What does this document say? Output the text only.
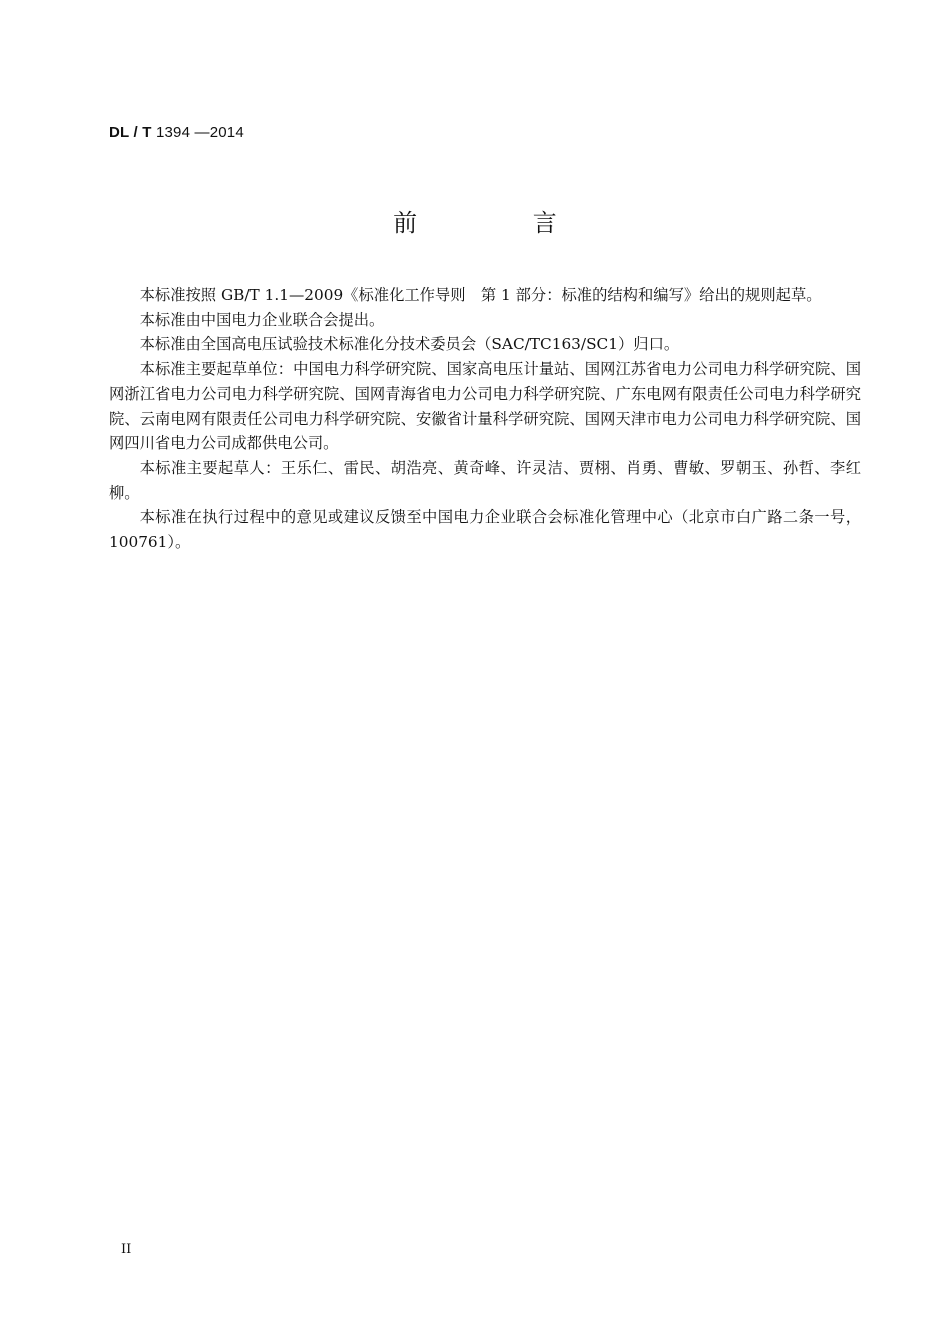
DL / T 1394 —2014
前 言

本标准按照 GB/T 1.1—2009《标准化工作导则　第 1 部分：标准的结构和编写》给出的规则起草。

本标准由中国电力企业联合会提出。

本标准由全国高电压试验技术标准化分技术委员会（SAC/TC163/SC1）归口。

本标准主要起草单位：中国电力科学研究院、国家高电压计量站、国网江苏省电力公司电力科学研究院、国网浙江省电力公司电力科学研究院、国网青海省电力公司电力科学研究院、广东电网有限责任公司电力科学研究院、云南电网有限责任公司电力科学研究院、安徽省计量科学研究院、国网天津市电力公司电力科学研究院、国网四川省电力公司成都供电公司。

本标准主要起草人：王乐仁、雷民、胡浩亮、黄奇峰、许灵洁、贾栩、肖勇、曹敏、罗朝玉、孙哲、李红柳。

本标准在执行过程中的意见或建议反馈至中国电力企业联合会标准化管理中心（北京市白广路二条一号，100761）。

II
